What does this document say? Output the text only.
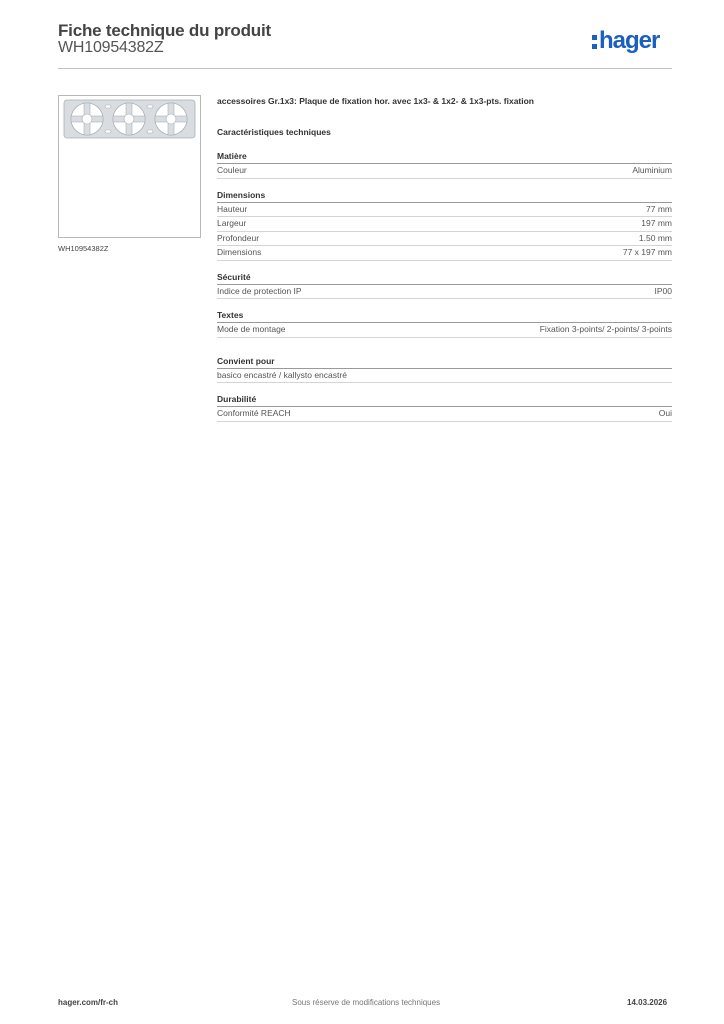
Fiche technique du produit
WH10954382Z	hager
WH10954382Z
accessoires Gr.1x3: Plaque de fixation hor. avec 1x3- & 1x2- & 1x3-pts. fixation
Caractéristiques techniques
Matière
Couleur	Aluminium
Dimensions
Hauteur	77 mm
Largeur	197 mm
Profondeur	1.50 mm
Dimensions	77 x 197 mm
Sécurité
Indice de protection IP	IP00
Textes
Mode de montage	Fixation 3-points/ 2-points/ 3-points
Convient pour
basico encastré / kallysto encastré
Durabilité
Conformité REACH	Oui
hager.com/fr-ch	Sous réserve de modifications techniques	14.03.2026
